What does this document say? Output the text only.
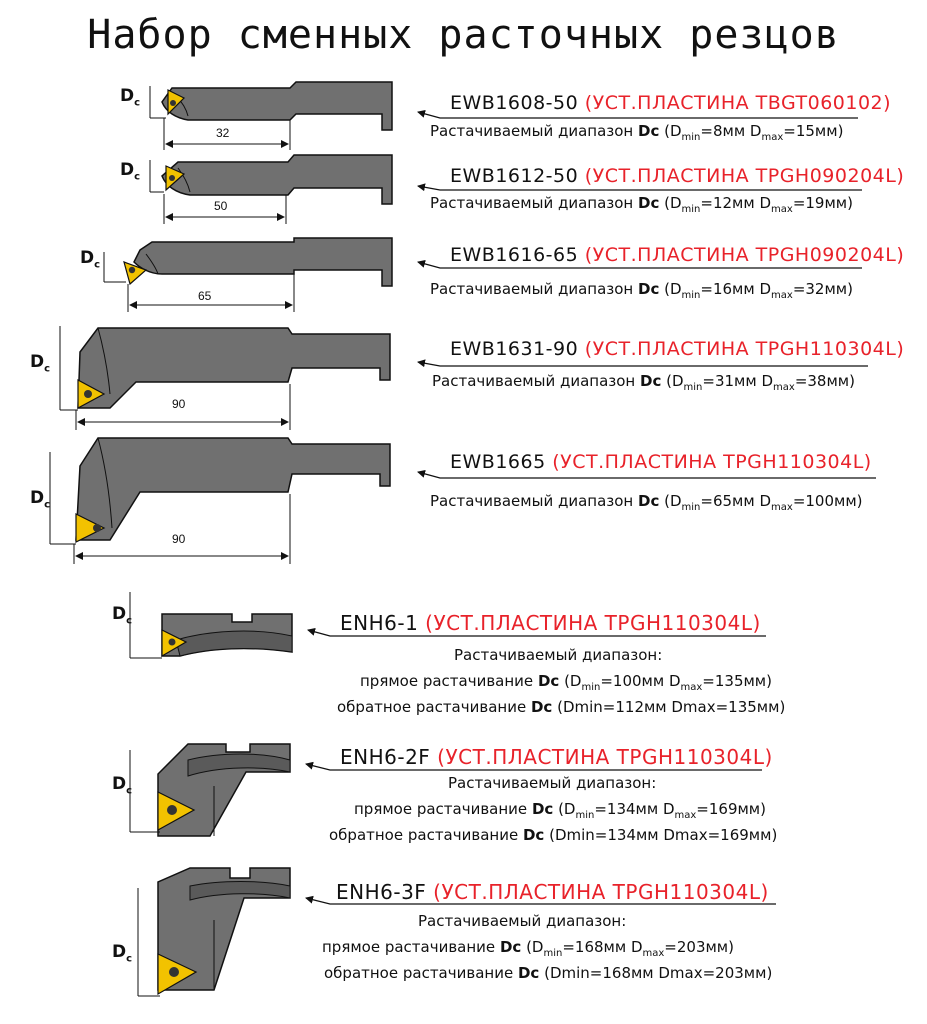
Набор сменных расточных резцов
32
50
65
90
90
$D_c$
$D_c$
$D_c$
$D_c$
$D_c$
$D_c$
$D_c$
$D_c$
EWB1608-50 (УСТ.ПЛАСТИНА TBGT060102)
Растачиваемый диапазон Dc ($D_{min}=8мм$ $D_{max}=15мм$)
EWB1612-50 (УСТ.ПЛАСТИНА TPGH090204L)
Растачиваемый диапазон Dc ($D_{min}=12мм$ $D_{max}=19мм$)
EWB1616-65 (УСТ.ПЛАСТИНА TPGH090204L)
Растачиваемый диапазон Dc ($D_{min}=16мм$ $D_{max}=32мм$)
EWB1631-90 (УСТ.ПЛАСТИНА TPGH110304L)
Растачиваемый диапазон Dc ($D_{min}=31мм$ $D_{max}=38мм$)
EWB1665 (УСТ.ПЛАСТИНА TPGH110304L)
Растачиваемый диапазон Dc ($D_{min}=65мм$ $D_{max}=100мм$)
ENH6-1 (УСТ.ПЛАСТИНА TPGH110304L)
Растачиваемый диапазон:
прямое растачивание Dc ($D_{min}=100мм$ $D_{max}=135мм$)
обратное растачивание Dc (Dmin=112мм Dmax=135мм)
ENH6-2F (УСТ.ПЛАСТИНА TPGH110304L)
Растачиваемый диапазон:
прямое растачивание Dc ($D_{min}=134мм$ $D_{max}=169мм$)
обратное растачивание Dc (Dmin=134мм Dmax=169мм)
ENH6-3F (УСТ.ПЛАСТИНА TPGH110304L)
Растачиваемый диапазон:
прямое растачивание Dc ($D_{min}=168мм$ $D_{max}=203мм$)
обратное растачивание Dc (Dmin=168мм Dmax=203мм)
